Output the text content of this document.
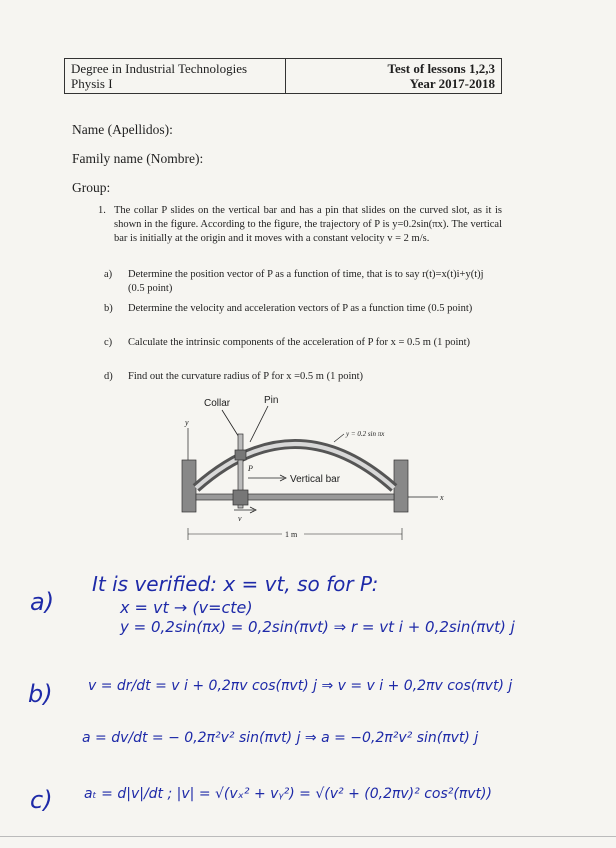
Degree in Industrial Technologies
Physis I
Test of lessons 1,2,3
Year 2017-2018
Name (Apellidos):
Family name (Nombre):
Group:
1. The collar P slides on the vertical bar and has a pin that slides on the curved slot, as it is shown in the figure. According to the figure, the trajectory of P is y=0.2sin(πx). The vertical bar is initially at the origin and it moves with a constant velocity v = 2 m/s.
a) Determine the position vector of P as a function of time, that is to say r(t)=x(t)i+y(t)j (0.5 point)
b) Determine the velocity and acceleration vectors of P as a function time (0.5 point)
c) Calculate the intrinsic components of the acceleration of P for x = 0.5 m (1 point)
d) Find out the curvature radius of P for x =0.5 m (1 point)
Collar	Pin
y
y = 0.2 sin πx
x
P
Vertical bar
v
1 m
a)
It is verified: x = vt, so for P:
x = vt → (v=cte)
y = 0,2sin(πx) = 0,2sin(πvt) ⇒ r = vt i + 0,2sin(πvt) j
b)	v = dr/dt = v i + 0,2πv cos(πvt) j ⇒ v = v i + 0,2πv cos(πvt) j
a = dv/dt = − 0,2π²v² sin(πvt) j ⇒ a = −0,2π²v² sin(πvt) j
c) aₜ = d|v|/dt ; |v| = √(vₓ² + vᵧ²) = √(v² + (0,2πv)² cos²(πvt))
